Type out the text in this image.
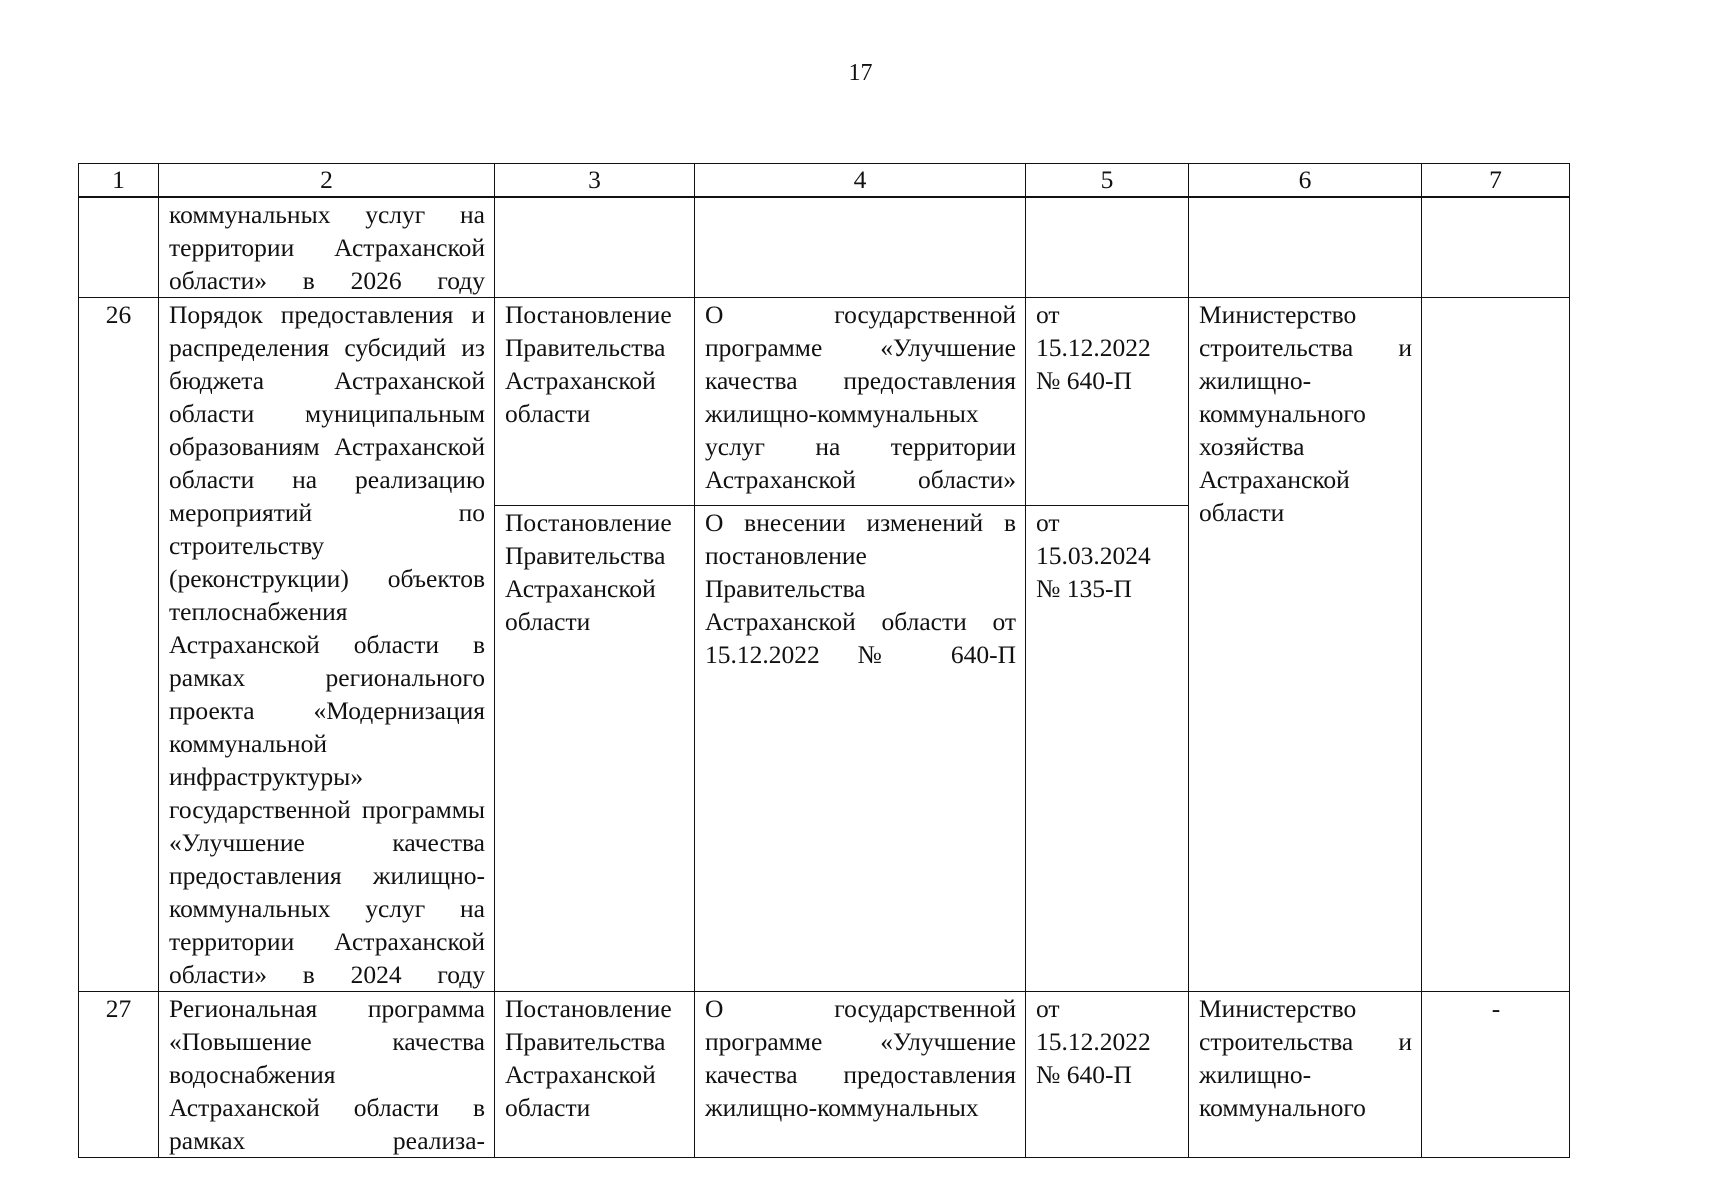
17
1	2	3	4	5	6	7
	коммунальных услуг на территории Астраханской области» в 2026 году					
26	Порядок предоставления и распределения субсидий из бюджета Астраханской области муниципальным образованиям Астраханской области на реализацию мероприятий по строительству (реконструкции) объектов теплоснабжения Астраханской области в рамках регионального проекта «Модернизация коммунальной инфраструктуры» государственной программы «Улучшение качества предоставления жилищно-коммунальных услуг на территории Астраханской области» в 2024 году	Постановление Правительства Астраханской области	О государственной программе «Улучшение качества предоставления жилищно-коммунальных услуг на территории Астраханской области»	от 15.12.2022 № 640-П	Министерство строительства и жилищно-коммунального хозяйства Астраханской области	
		Постановление Правительства Астраханской области	О внесении изменений в постановление Правительства Астраханской области от 15.12.2022 № 640-П	от 15.03.2024 № 135-П		
27	Региональная программа «Повышение качества водоснабжения Астраханской области в рамках реализа-	Постановление Правительства Астраханской области	О государственной программе «Улучшение качества предоставления жилищно-коммунальных	от 15.12.2022 № 640-П	Министерство строительства и жилищно-коммунального	-
